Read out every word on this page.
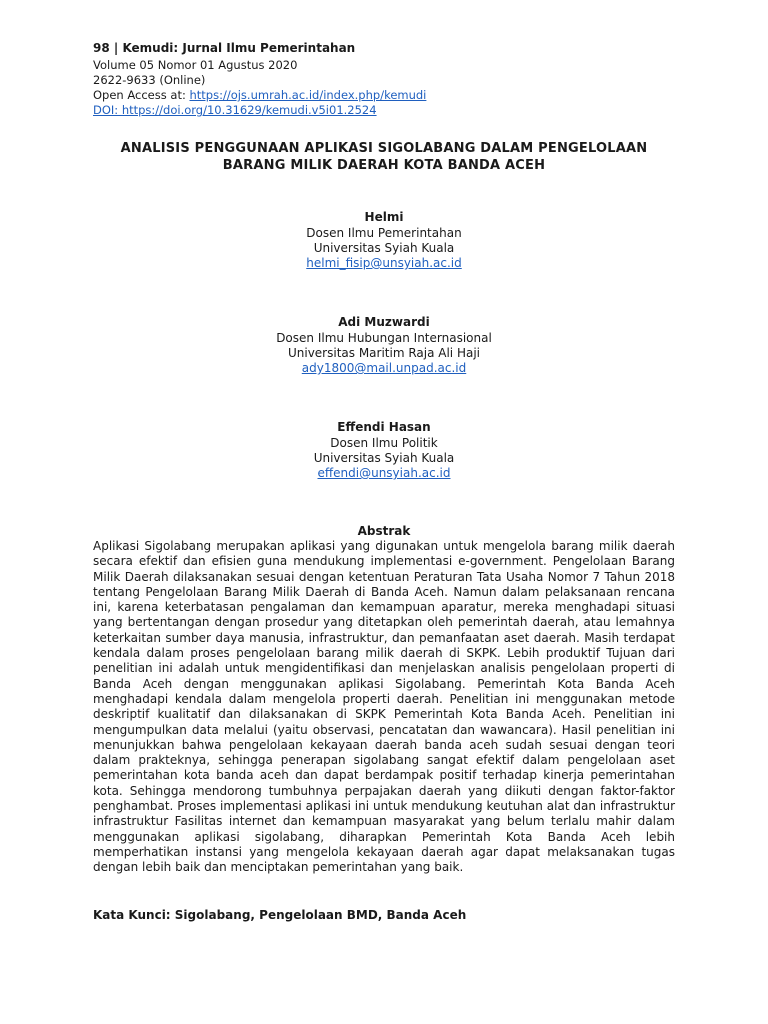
98 | Kemudi: Jurnal Ilmu Pemerintahan
Volume 05 Nomor 01 Agustus 2020
2622-9633 (Online)
Open Access at: https://ojs.umrah.ac.id/index.php/kemudi
DOI: https://doi.org/10.31629/kemudi.v5i01.2524
ANALISIS PENGGUNAAN APLIKASI SIGOLABANG DALAM PENGELOLAAN
BARANG MILIK DAERAH KOTA BANDA ACEH
Helmi
Dosen Ilmu Pemerintahan
Universitas Syiah Kuala
helmi_fisip@unsyiah.ac.id
Adi Muzwardi
Dosen Ilmu Hubungan Internasional
Universitas Maritim Raja Ali Haji
ady1800@mail.unpad.ac.id
Effendi Hasan
Dosen Ilmu Politik
Universitas Syiah Kuala
effendi@unsyiah.ac.id
Abstrak

Aplikasi Sigolabang merupakan aplikasi yang digunakan untuk mengelola barang milik daerah secara efektif dan efisien guna mendukung implementasi e-government. Pengelolaan Barang Milik Daerah dilaksanakan sesuai dengan ketentuan Peraturan Tata Usaha Nomor 7 Tahun 2018 tentang Pengelolaan Barang Milik Daerah di Banda Aceh. Namun dalam pelaksanaan rencana ini, karena keterbatasan pengalaman dan kemampuan aparatur, mereka menghadapi situasi yang bertentangan dengan prosedur yang ditetapkan oleh pemerintah daerah, atau lemahnya keterkaitan sumber daya manusia, infrastruktur, dan pemanfaatan aset daerah. Masih terdapat kendala dalam proses pengelolaan barang milik daerah di SKPK. Lebih produktif Tujuan dari penelitian ini adalah untuk mengidentifikasi dan menjelaskan analisis pengelolaan properti di Banda Aceh dengan menggunakan aplikasi Sigolabang. Pemerintah Kota Banda Aceh menghadapi kendala dalam mengelola properti daerah. Penelitian ini menggunakan metode deskriptif kualitatif dan dilaksanakan di SKPK Pemerintah Kota Banda Aceh. Penelitian ini mengumpulkan data melalui (yaitu observasi, pencatatan dan wawancara). Hasil penelitian ini menunjukkan bahwa pengelolaan kekayaan daerah banda aceh sudah sesuai dengan teori dalam prakteknya, sehingga penerapan sigolabang sangat efektif dalam pengelolaan aset pemerintahan kota banda aceh dan dapat berdampak positif terhadap kinerja pemerintahan kota. Sehingga mendorong tumbuhnya perpajakan daerah yang diikuti dengan faktor-faktor penghambat. Proses implementasi aplikasi ini untuk mendukung keutuhan alat dan infrastruktur infrastruktur Fasilitas internet dan kemampuan masyarakat yang belum terlalu mahir dalam menggunakan aplikasi sigolabang, diharapkan Pemerintah Kota Banda Aceh lebih memperhatikan instansi yang mengelola kekayaan daerah agar dapat melaksanakan tugas dengan lebih baik dan menciptakan pemerintahan yang baik.

Kata Kunci: Sigolabang, Pengelolaan BMD, Banda Aceh
